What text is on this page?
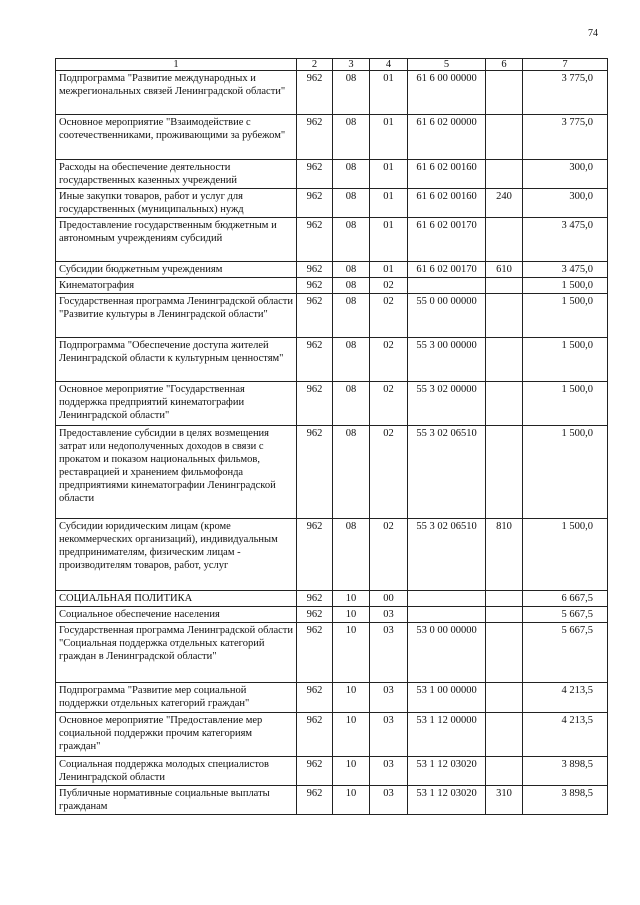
74
1	2	3	4	5	6	7
Подпрограмма "Развитие международных и межрегиональных связей Ленинградской области"	962	08	01	61 6 00 00000		3 775,0
Основное мероприятие "Взаимодействие с соотечественниками, проживающими за рубежом"	962	08	01	61 6 02 00000		3 775,0
Расходы на обеспечение деятельности государственных казенных учреждений	962	08	01	61 6 02 00160		300,0
Иные закупки товаров, работ и услуг для государственных (муниципальных) нужд	962	08	01	61 6 02 00160	240	300,0
Предоставление государственным бюджетным и автономным учреждениям субсидий	962	08	01	61 6 02 00170		3 475,0
Субсидии бюджетным учреждениям	962	08	01	61 6 02 00170	610	3 475,0
Кинематография	962	08	02			1 500,0
Государственная программа Ленинградской области "Развитие культуры в Ленинградской области"	962	08	02	55 0 00 00000		1 500,0
Подпрограмма "Обеспечение доступа жителей Ленинградской области к культурным ценностям"	962	08	02	55 3 00 00000		1 500,0
Основное мероприятие "Государственная поддержка предприятий кинематографии Ленинградской области"	962	08	02	55 3 02 00000		1 500,0
Предоставление субсидии в целях возмещения затрат или недополученных доходов в связи с прокатом и показом национальных фильмов, реставрацией и хранением фильмофонда предприятиями кинематографии Ленинградской области	962	08	02	55 3 02 06510		1 500,0
Субсидии юридическим лицам (кроме некоммерческих организаций), индивидуальным предпринимателям, физическим лицам - производителям товаров, работ, услуг	962	08	02	55 3 02 06510	810	1 500,0
СОЦИАЛЬНАЯ ПОЛИТИКА	962	10	00			6 667,5
Социальное обеспечение населения	962	10	03			5 667,5
Государственная программа Ленинградской области "Социальная поддержка отдельных категорий граждан в Ленинградской области"	962	10	03	53 0 00 00000		5 667,5
Подпрограмма "Развитие мер социальной поддержки отдельных категорий граждан"	962	10	03	53 1 00 00000		4 213,5
Основное мероприятие "Предоставление мер социальной поддержки прочим категориям граждан"	962	10	03	53 1 12 00000		4 213,5
Социальная поддержка молодых специалистов Ленинградской области	962	10	03	53 1 12 03020		3 898,5
Публичные нормативные социальные выплаты гражданам	962	10	03	53 1 12 03020	310	3 898,5
